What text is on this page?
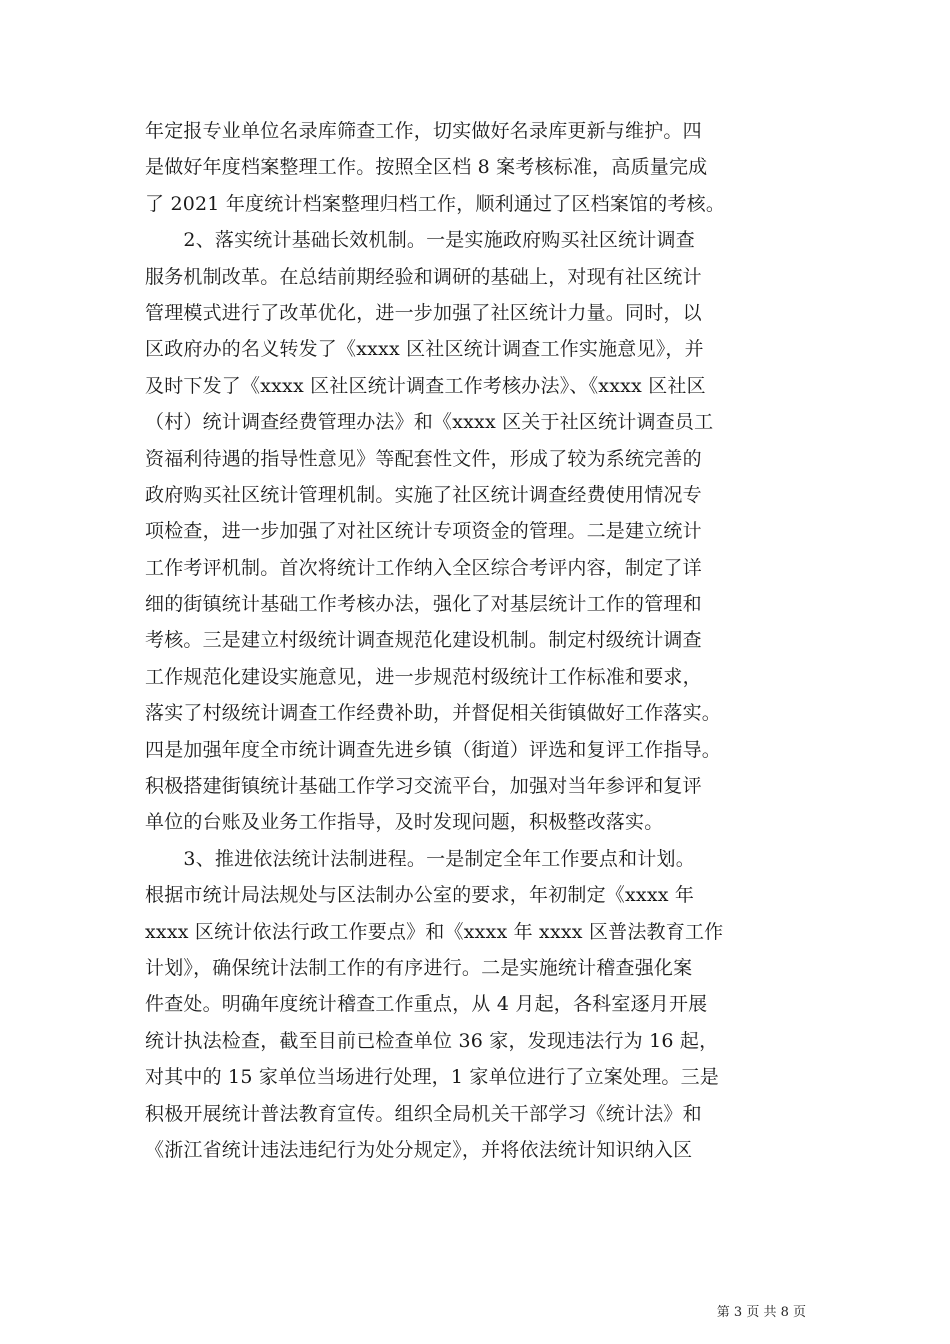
年定报专业单位名录库筛查工作，切实做好名录库更新与维护。四
是做好年度档案整理工作。按照全区档 8 案考核标准，高质量完成
了 2021 年度统计档案整理归档工作，顺利通过了区档案馆的考核。
　　2、落实统计基础长效机制。一是实施政府购买社区统计调查
服务机制改革。在总结前期经验和调研的基础上，对现有社区统计
管理模式进行了改革优化，进一步加强了社区统计力量。同时，以
区政府办的名义转发了《xxxx 区社区统计调查工作实施意见》，并
及时下发了《xxxx 区社区统计调查工作考核办法》、《xxxx 区社区
（村）统计调查经费管理办法》和《xxxx 区关于社区统计调查员工
资福利待遇的指导性意见》等配套性文件，形成了较为系统完善的
政府购买社区统计管理机制。实施了社区统计调查经费使用情况专
项检查，进一步加强了对社区统计专项资金的管理。二是建立统计
工作考评机制。首次将统计工作纳入全区综合考评内容，制定了详
细的街镇统计基础工作考核办法，强化了对基层统计工作的管理和
考核。三是建立村级统计调查规范化建设机制。制定村级统计调查
工作规范化建设实施意见，进一步规范村级统计工作标准和要求，
落实了村级统计调查工作经费补助，并督促相关街镇做好工作落实。
四是加强年度全市统计调查先进乡镇（街道）评选和复评工作指导。
积极搭建街镇统计基础工作学习交流平台，加强对当年参评和复评
单位的台账及业务工作指导，及时发现问题，积极整改落实。
　　3、推进依法统计法制进程。一是制定全年工作要点和计划。
根据市统计局法规处与区法制办公室的要求，年初制定《xxxx 年
xxxx 区统计依法行政工作要点》和《xxxx 年 xxxx 区普法教育工作
计划》，确保统计法制工作的有序进行。二是实施统计稽查强化案
件查处。明确年度统计稽查工作重点，从 4 月起，各科室逐月开展
统计执法检查，截至目前已检查单位 36 家，发现违法行为 16 起，
对其中的 15 家单位当场进行处理，1 家单位进行了立案处理。三是
积极开展统计普法教育宣传。组织全局机关干部学习《统计法》和
《浙江省统计违法违纪行为处分规定》，并将依法统计知识纳入区
第 3 页 共 8 页
